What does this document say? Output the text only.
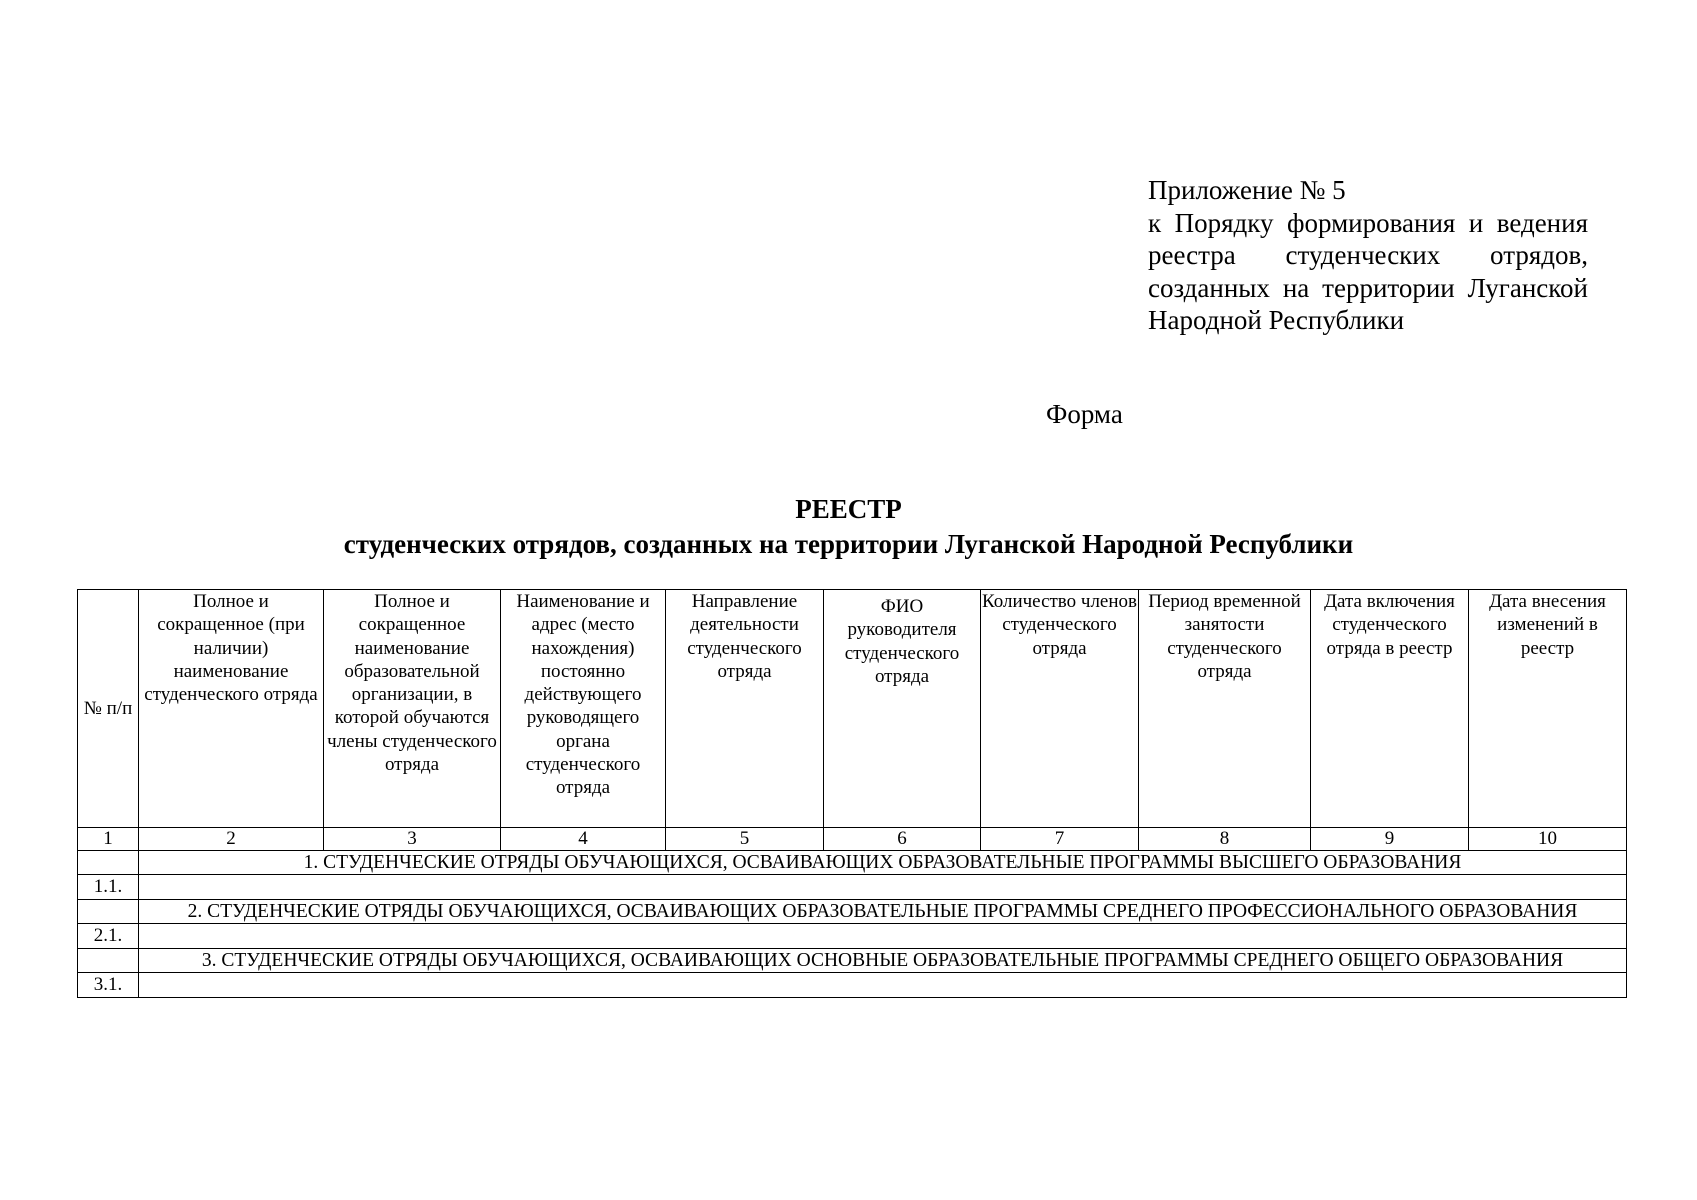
Приложение № 5
к Порядку формирования и ведения
реестра студенческих отрядов,
созданных на территории Луганской
Народной Республики
Форма
РЕЕСТР
студенческих отрядов, созданных на территории Луганской Народной Республики
№ п/п	Полное и сокращенное (при наличии) наименование студенческого отряда	Полное и сокращенное наименование образовательной организации, в которой обучаются члены студенческого отряда	Наименование и адрес (место нахождения) постоянно действующего руководящего органа студенческого отряда	Направление деятельности студенческого отряда	ФИО руководителя студенческого отряда	Количество членов студенческого отряда	Период временной занятости студенческого отряда	Дата включения студенческого отряда в реестр	Дата внесения изменений в реестр
1	2	3	4	5	6	7	8	9	10
	1. СТУДЕНЧЕСКИЕ ОТРЯДЫ ОБУЧАЮЩИХСЯ, ОСВАИВАЮЩИХ ОБРАЗОВАТЕЛЬНЫЕ ПРОГРАММЫ ВЫСШЕГО ОБРАЗОВАНИЯ								
1.1.									
	2. СТУДЕНЧЕСКИЕ ОТРЯДЫ ОБУЧАЮЩИХСЯ, ОСВАИВАЮЩИХ ОБРАЗОВАТЕЛЬНЫЕ ПРОГРАММЫ СРЕДНЕГО ПРОФЕССИОНАЛЬНОГО ОБРАЗОВАНИЯ								
2.1.									
	3. СТУДЕНЧЕСКИЕ ОТРЯДЫ ОБУЧАЮЩИХСЯ, ОСВАИВАЮЩИХ ОСНОВНЫЕ ОБРАЗОВАТЕЛЬНЫЕ ПРОГРАММЫ СРЕДНЕГО ОБЩЕГО ОБРАЗОВАНИЯ								
3.1.									
